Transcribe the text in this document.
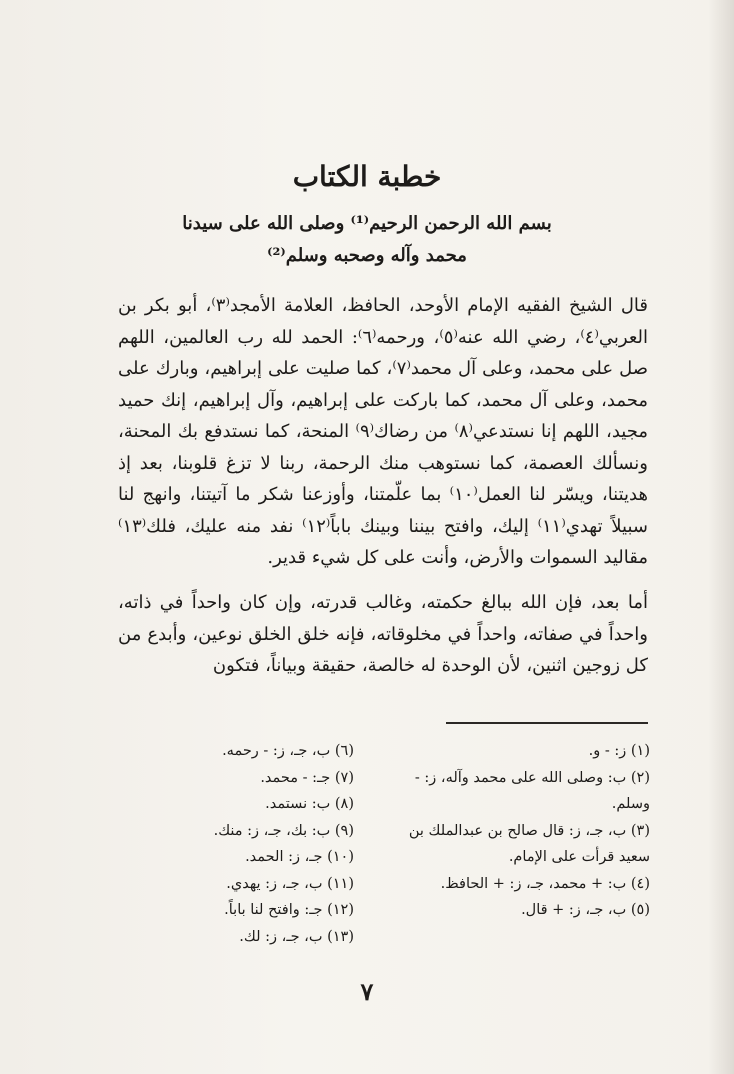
خطبة الكتاب
بسم الله الرحمن الرحيم⁽¹⁾ وصلى الله على سيدنا
محمد وآله وصحبه وسلم⁽²⁾
قال الشيخ الفقيه الإمام الأوحد، الحافظ، العلامة الأمجد⁽٣⁾، أبو بكر بن العربي⁽٤⁾، رضي الله عنه⁽٥⁾، ورحمه⁽٦⁾: الحمد لله رب العالمين، اللهم صل على محمد، وعلى آل محمد⁽٧⁾، كما صليت على إبراهيم، وبارك على محمد، وعلى آل محمد، كما باركت على إبراهيم، وآل إبراهيم، إنك حميد مجيد، اللهم إنا نستدعي⁽٨⁾ من رضاك⁽٩⁾ المنحة، كما نستدفع بك المحنة، ونسألك العصمة، كما نستوهب منك الرحمة، ربنا لا تزغ قلوبنا، بعد إذ هديتنا، ويسّر لنا العمل⁽١٠⁾ بما علّمتنا، وأوزعنا شكر ما آتيتنا، وانهج لنا سبيلاً تهدي⁽١١⁾ إليك، وافتح بيننا وبينك باباً⁽١٢⁾ نفد منه عليك، فلك⁽١٣⁾ مقاليد السموات والأرض، وأنت على كل شيء قدير.
أما بعد، فإن الله ببالغ حكمته، وغالب قدرته، وإن كان واحداً في ذاته، واحداً في صفاته، واحداً في مخلوقاته، فإنه خلق الخلق نوعين، وأبدع من كل زوجين اثنين، لأن الوحدة له خالصة، حقيقة وبياناً، فتكون
(١) ز: - و.
(٢) ب: وصلى الله على محمد وآله، ز: - وسلم.
(٣) ب، جـ، ز: قال صالح بن عبدالملك بن سعيد قرأت على الإمام.
(٤) ب: + محمد، جـ، ز: + الحافظ.
(٥) ب، جـ، ز: + قال.
(٦) ب، جـ، ز: - رحمه.
(٧) جـ: - محمد.
(٨) ب: نستمد.
(٩) ب: بك، جـ، ز: منك.
(١٠) جـ، ز: الحمد.
(١١) ب، جـ، ز: يهدي.
(١٢) جـ: وافتح لنا باباً.
(١٣) ب، جـ، ز: لك.
٧
